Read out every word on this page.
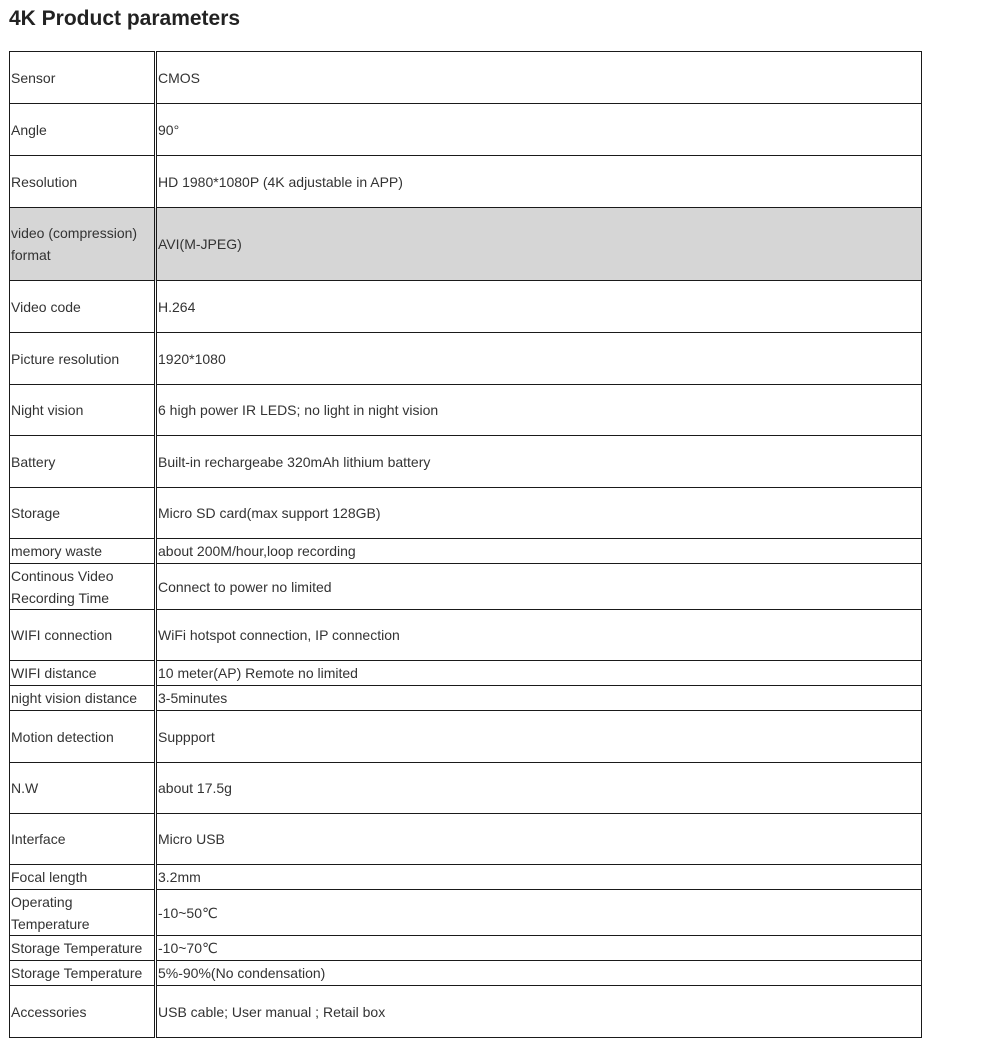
4K Product parameters
Sensor	CMOS
Angle	90°
Resolution	HD 1980*1080P (4K adjustable in APP)
video (compression) format	AVI(M-JPEG)
Video code	H.264
Picture resolution	1920*1080
Night vision	6 high power IR LEDS; no light in night vision
Battery	Built-in rechargeabe 320mAh lithium battery
Storage	Micro SD card(max support 128GB)
memory waste	about 200M/hour,loop recording
Continous Video Recording Time	Connect to power no limited
WIFI connection	WiFi hotspot connection, IP connection
WIFI distance	10 meter(AP) Remote no limited
night vision distance	3-5minutes
Motion detection	Suppport
N.W	about 17.5g
Interface	Micro USB
Focal length	3.2mm
Operating Temperature	-10~50℃
Storage Temperature	-10~70℃
Storage Temperature	5%-90%(No condensation)
Accessories	USB cable; User manual ; Retail box
